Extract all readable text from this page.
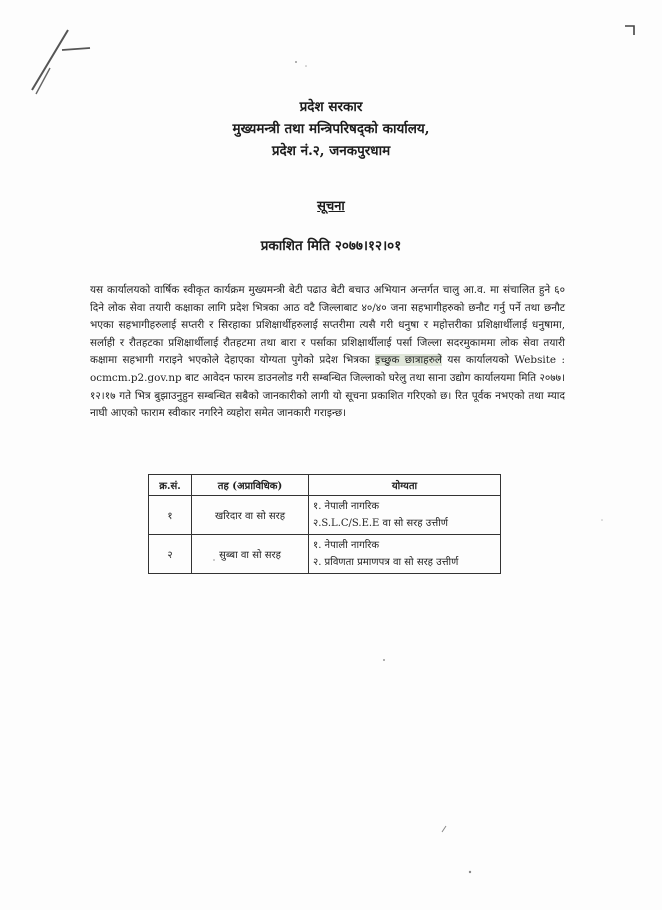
प्रदेश सरकार
मुख्यमन्त्री तथा मन्त्रिपरिषद्को कार्यालय,
प्रदेश नं.२, जनकपुरधाम
सूचना
प्रकाशित मिति २०७७।१२।०१
यस कार्यालयको वार्षिक स्वीकृत कार्यक्रम मुख्यमन्त्री बेटी पढाउ बेटी बचाउ अभियान अन्तर्गत चालु आ.व. मा संचालित हुने ६० दिने लोक सेवा तयारी कक्षाका लागि प्रदेश भित्रका आठ वटै जिल्लाबाट ४०/४० जना सहभागीहरुको छनौट गर्नु पर्ने तथा छनौट भएका सहभागीहरुलाई सप्तरी र सिरहाका प्रशिक्षार्थीहरुलाई सप्तरीमा त्यसै गरी धनुषा र महोत्तरीका प्रशिक्षार्थीलाई धनुषामा, सर्लाही र रौतहटका प्रशिक्षार्थीलाई रौतहटमा तथा बारा र पर्साका प्रशिक्षार्थीलाई पर्सा जिल्ला सदरमुकाममा लोक सेवा तयारी कक्षामा सहभागी गराइने भएकोले देहाएका योग्यता पुगेको प्रदेश भित्रका इच्छुक छात्राहरुले यस कार्यालयको Website : ocmcm.p2.gov.np बाट आवेदन फारम डाउनलोड गरी सम्बन्धित जिल्लाको घरेलु तथा साना उद्योग कार्यालयमा मिति २०७७।१२।१७ गते भित्र बुझाउनुहुन सम्बन्धित सबैको जानकारीको लागी यो सूचना प्रकाशित गरिएको छ। रित पूर्वक नभएको तथा म्याद नाघी आएको फाराम स्वीकार नगरिने व्यहोरा समेत जानकारी गराइन्छ।
क्र.सं.	तह (अप्राविधिक)	योग्यता
१	खरिदार वा सो सरह	१. नेपाली नागरिक
२.S.L.C/S.E.E वा सो सरह उत्तीर्ण

२	सुब्बा वा सो सरह	१. नेपाली नागरिक
२. प्रविणता प्रमाणपत्र वा सो सरह उत्तीर्ण
